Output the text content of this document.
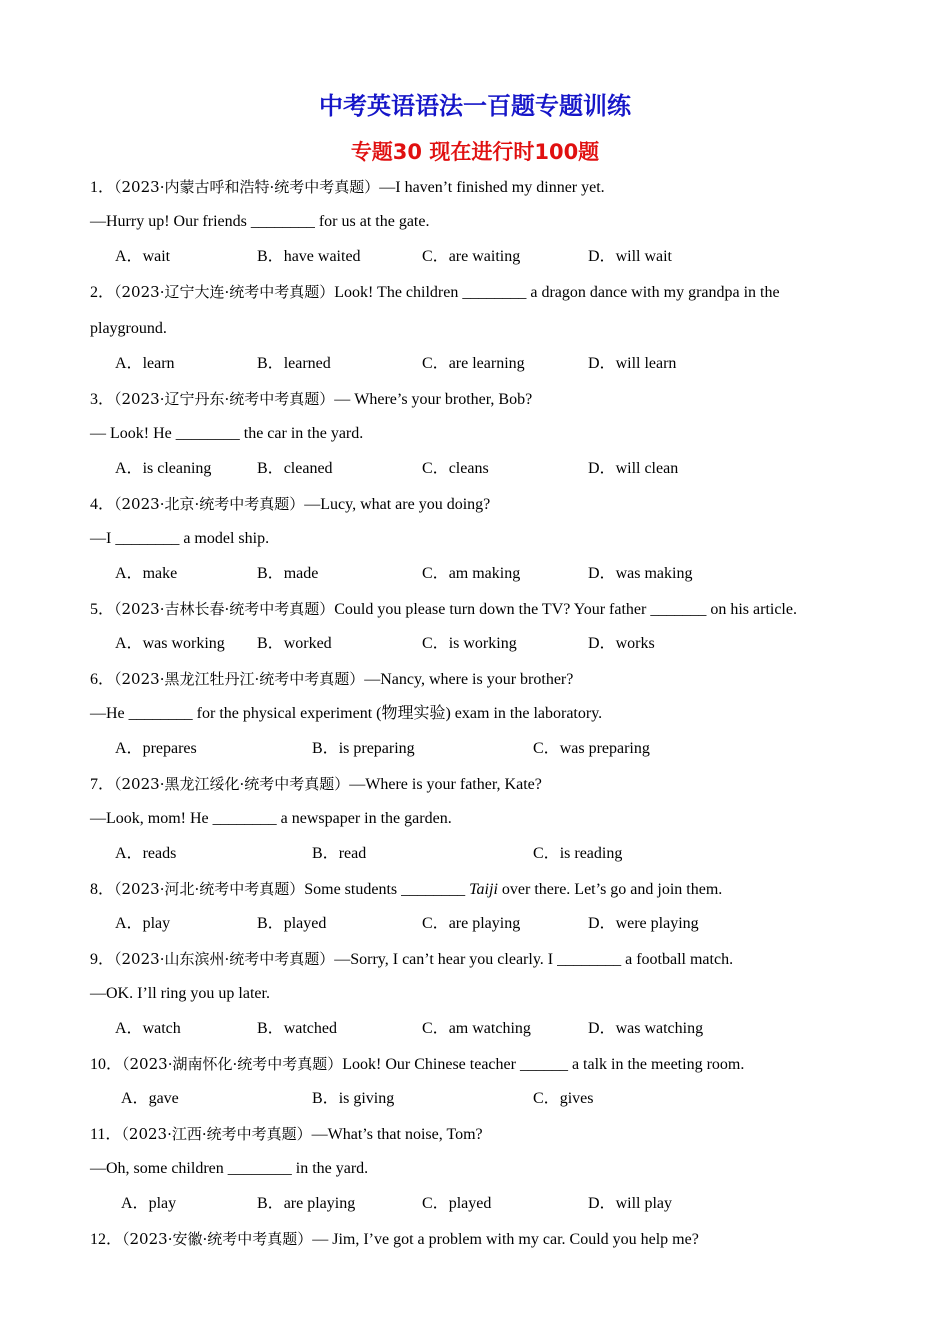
中考英语语法一百题专题训练
专题30 现在进行时100题
1．（2023·内蒙古呼和浩特·统考中考真题）—I haven’t finished my dinner yet.
—Hurry up! Our friends ________ for us at the gate.
A．wait	B．have waited	C．are waiting	D．will wait
2．（2023·辽宁大连·统考中考真题）Look! The children ________ a dragon dance with my grandpa in the
playground.
A．learn	B．learned	C．are learning	D．will learn
3．（2023·辽宁丹东·统考中考真题）— Where’s your brother, Bob?
— Look! He ________ the car in the yard.
A．is cleaning	B．cleaned	C．cleans	D．will clean
4．（2023·北京·统考中考真题）—Lucy, what are you doing?
—I ________ a model ship.
A．make	B．made	C．am making	D．was making
5．（2023·吉林长春·统考中考真题）Could you please turn down the TV? Your father _______ on his article.
A．was working B．worked	C．is working	D．works
6．（2023·黑龙江牡丹江·统考中考真题）—Nancy, where is your brother?
—He ________ for the physical experiment (物理实验) exam in the laboratory.
A．prepares	B．is preparing	C．was preparing
7．（2023·黑龙江绥化·统考中考真题）—Where is your father, Kate?
—Look, mom! He ________ a newspaper in the garden.
A．reads	B．read	C．is reading
8．（2023·河北·统考中考真题）Some students ________ Taiji over there. Let’s go and join them.
A．play	B．played	C．are playing	D．were playing
9．（2023·山东滨州·统考中考真题）—Sorry, I can’t hear you clearly. I ________ a football match.
—OK. I’ll ring you up later.
A．watch	B．watched	C．am watching	D．was watching
10．（2023·湖南怀化·统考中考真题）Look! Our Chinese teacher ______ a talk in the meeting room.
A．gave	B．is giving	C．gives
11．（2023·江西·统考中考真题）—What’s that noise, Tom?
—Oh, some children ________ in the yard.
A．play	B．are playing	C．played	D．will play
12．（2023·安徽·统考中考真题）— Jim, I’ve got a problem with my car. Could you help me?
